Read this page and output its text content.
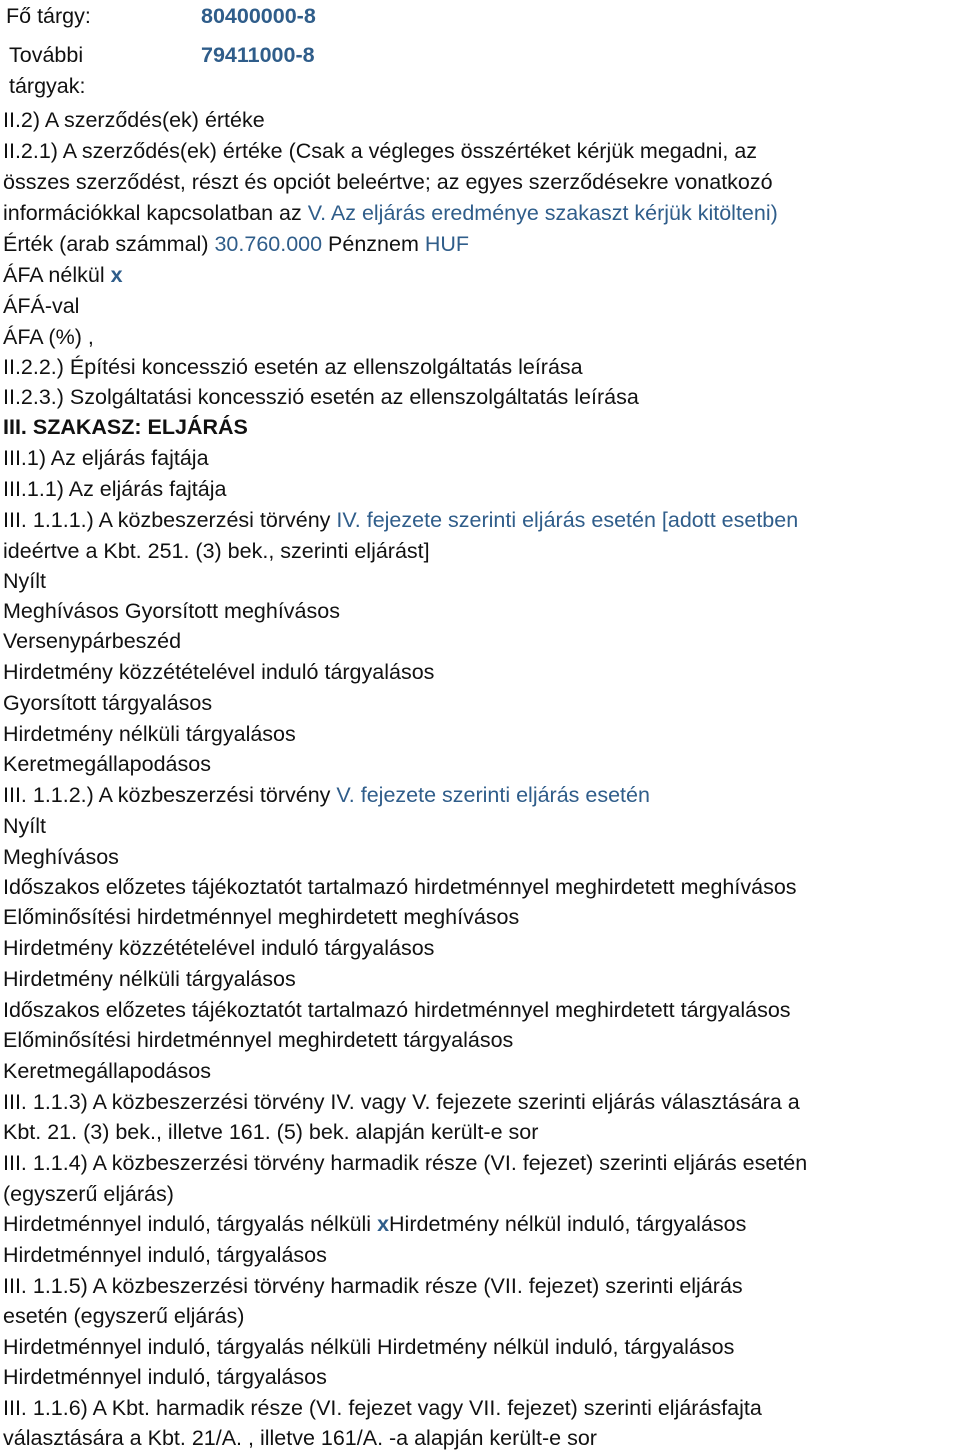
Fő tárgy:	80400000-8
További	79411000-8
tárgyak:
II.2) A szerződés(ek) értéke
II.2.1) A szerződés(ek) értéke (Csak a végleges összértéket kérjük megadni, az
összes szerződést, részt és opciót beleértve; az egyes szerződésekre vonatkozó
információkkal kapcsolatban az V. Az eljárás eredménye szakaszt kérjük kitölteni)
Érték (arab számmal) 30.760.000 Pénznem HUF
ÁFA nélkül x
ÁFÁ-val
ÁFA (%) ,
II.2.2.) Építési koncesszió esetén az ellenszolgáltatás leírása
II.2.3.) Szolgáltatási koncesszió esetén az ellenszolgáltatás leírása
III. SZAKASZ: ELJÁRÁS
III.1) Az eljárás fajtája
III.1.1) Az eljárás fajtája
III. 1.1.1.) A közbeszerzési törvény IV. fejezete szerinti eljárás esetén [adott esetben
ideértve a Kbt. 251. (3) bek., szerinti eljárást]
Nyílt
Meghívásos Gyorsított meghívásos
Versenypárbeszéd
Hirdetmény közzétételével induló tárgyalásos
Gyorsított tárgyalásos
Hirdetmény nélküli tárgyalásos
Keretmegállapodásos
III. 1.1.2.) A közbeszerzési törvény V. fejezete szerinti eljárás esetén
Nyílt
Meghívásos
Időszakos előzetes tájékoztatót tartalmazó hirdetménnyel meghirdetett meghívásos
Előminősítési hirdetménnyel meghirdetett meghívásos
Hirdetmény közzétételével induló tárgyalásos
Hirdetmény nélküli tárgyalásos
Időszakos előzetes tájékoztatót tartalmazó hirdetménnyel meghirdetett tárgyalásos
Előminősítési hirdetménnyel meghirdetett tárgyalásos
Keretmegállapodásos
III. 1.1.3) A közbeszerzési törvény IV. vagy V. fejezete szerinti eljárás választására a
Kbt. 21. (3) bek., illetve 161. (5) bek. alapján került-e sor
III. 1.1.4) A közbeszerzési törvény harmadik része (VI. fejezet) szerinti eljárás esetén
(egyszerű eljárás)
Hirdetménnyel induló, tárgyalás nélküli xHirdetmény nélkül induló, tárgyalásos
Hirdetménnyel induló, tárgyalásos
III. 1.1.5) A közbeszerzési törvény harmadik része (VII. fejezet) szerinti eljárás
esetén (egyszerű eljárás)
Hirdetménnyel induló, tárgyalás nélküli Hirdetmény nélkül induló, tárgyalásos
Hirdetménnyel induló, tárgyalásos
III. 1.1.6) A Kbt. harmadik része (VI. fejezet vagy VII. fejezet) szerinti eljárásfajta
választására a Kbt. 21/A. , illetve 161/A. -a alapján került-e sor
